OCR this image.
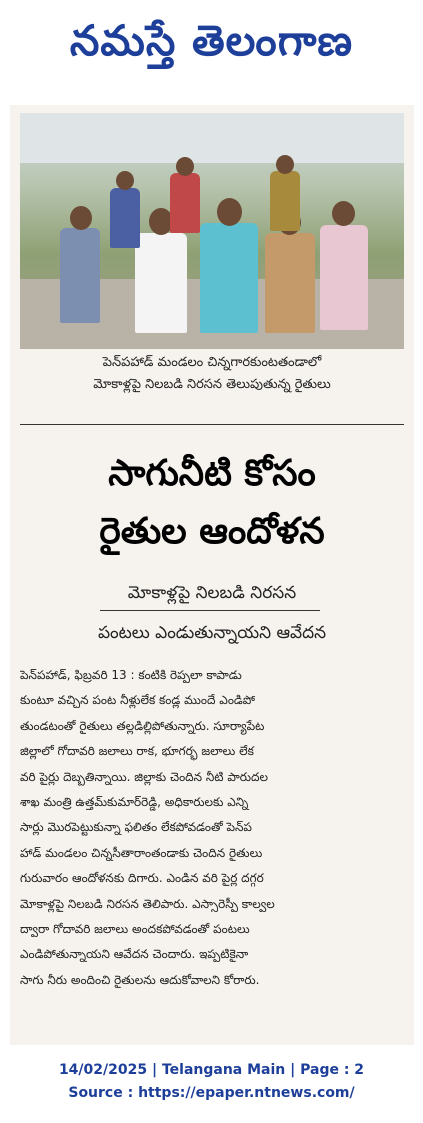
నమస్తే తెలంగాణ
పెన్‌పహాడ్ మండలం చిన్నగారకుంటతండాలో
మోకాళ్లపై నిలబడి నిరసన తెలుపుతున్న రైతులు
సాగునీటి కోసం
రైతుల ఆందోళన
మోకాళ్లపై నిలబడి నిరసన
పంటలు ఎండుతున్నాయని ఆవేదన
పెన్‌పహాడ్, ఫిబ్రవరి 13 : కంటికి రెప్పలా కాపాడు
కుంటూ వచ్చిన పంట నీళ్లులేక కండ్ల ముందే ఎండిపో
తుండటంతో రైతులు తల్లడిల్లిపోతున్నారు. సూర్యాపేట
జిల్లాలో గోదావరి జలాలు రాక, భూగర్భ జలాలు లేక
వరి పైర్లు దెబ్బతిన్నాయి. జిల్లాకు చెందిన నీటి పారుదల
శాఖ మంత్రి ఉత్తమ్‌కుమార్‌రెడ్డి, అధికారులకు ఎన్ని
సార్లు మొరపెట్టుకున్నా ఫలితం లేకపోవడంతో పెన్‌ప
హాడ్ మండలం చిన్నసీతారాంతండాకు చెందిన రైతులు
గురువారం ఆందోళనకు దిగారు. ఎండిన వరి పైర్ల దగ్గర
మోకాళ్లపై నిలబడి నిరసన తెలిపారు. ఎస్సారెస్పీ కాల్వల
ద్వారా గోదావరి జలాలు అందకపోవడంతో పంటలు
ఎండిపోతున్నాయని ఆవేదన చెందారు. ఇప్పటికైనా
సాగు నీరు అందించి రైతులను ఆదుకోవాలని కోరారు.
14/02/2025 | Telangana Main | Page : 2
Source : https://epaper.ntnews.com/
